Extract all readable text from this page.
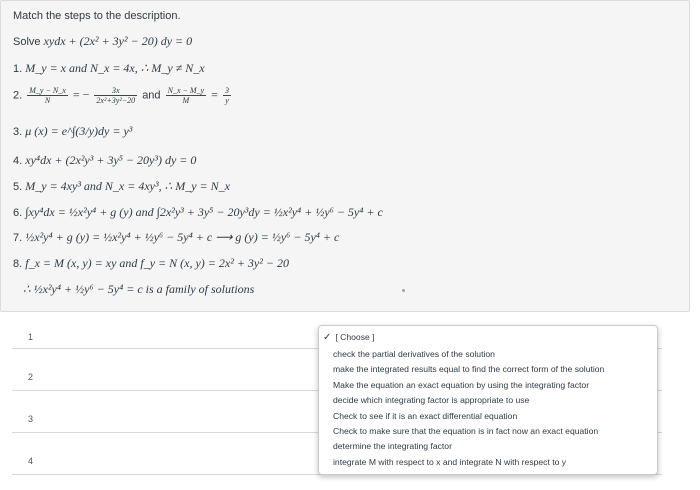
Match the steps to the description.
Solve xydx + (2x² + 3y² − 20) dy = 0
1. M_y = x and N_x = 4x, ∴ M_y ≠ N_x
2. $\frac{M\_y - N\_x}{N}$ = − $\frac{3x}{\text{2x²+3y²−20}}$ and $\frac{N\_x - M\_y}{M} = \frac{3}{y}$
3. μ (x) = e^∫(3/y)dy = y³
4. xy⁴dx + (2x²y³ + 3y⁵ − 20y³) dy = 0
5. M_y = 4xy³ and N_x = 4xy³, ∴ M_y = N_x
6. ∫xy⁴dx = ½x²y⁴ + g (y) and ∫2x²y³ + 3y⁵ − 20y³dy = ½x²y⁴ + ½y⁶ − 5y⁴ + c
7. ½x²y⁴ + g (y) = ½x²y⁴ + ½y⁶ − 5y⁴ + c ⟶ g (y) = ½y⁶ − 5y⁴ + c
8. f_x = M (x, y) = xy and f_y = N (x, y) = 2x² + 3y² − 20
∴ ½x²y⁴ + ½y⁶ − 5y⁴ = c is a family of solutions
1
2
3
4
✓ [ Choose ]
check the partial derivatives of the solution
make the integrated results equal to find the correct form of the solution
Make the equation an exact equation by using the integrating factor
decide which integrating factor is appropriate to use
Check to see if it is an exact differential equation
Check to make sure that the equation is in fact now an exact equation
determine the integrating factor
integrate M with respect to x and integrate N with respect to y
